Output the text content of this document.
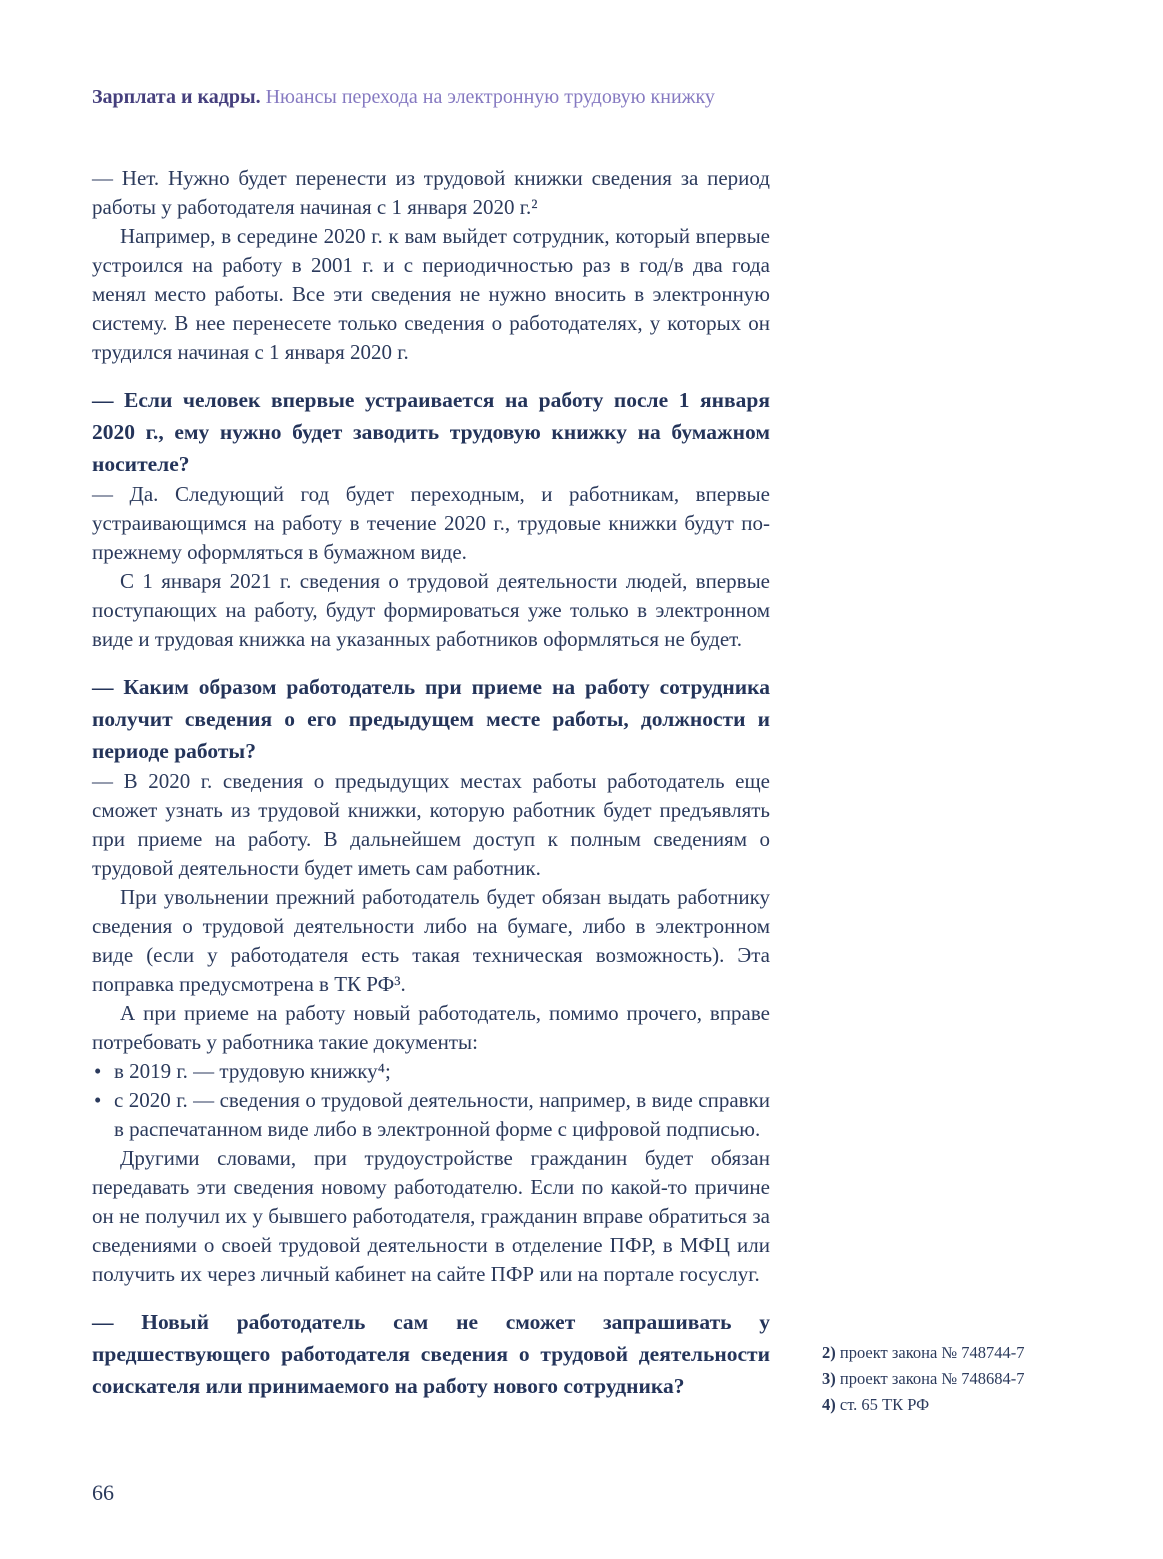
Зарплата и кадры. Нюансы перехода на электронную трудовую книжку

— Нет. Нужно будет перенести из трудовой книжки сведения за период работы у работодателя начиная с 1 января 2020 г.²

Например, в середине 2020 г. к вам выйдет сотрудник, который впервые устроился на работу в 2001 г. и с периодичностью раз в год/в два года менял место работы. Все эти сведения не нужно вносить в электронную систему. В нее перенесете только сведения о работодателях, у которых он трудился начиная с 1 января 2020 г.

— Если человек впервые устраивается на работу после 1 января 2020 г., ему нужно будет заводить трудовую книжку на бумажном носителе?

— Да. Следующий год будет переходным, и работникам, впервые устраивающимся на работу в течение 2020 г., трудовые книжки будут по-прежнему оформляться в бумажном виде.

С 1 января 2021 г. сведения о трудовой деятельности людей, впервые поступающих на работу, будут формироваться уже только в электронном виде и трудовая книжка на указанных работников оформляться не будет.

— Каким образом работодатель при приеме на работу сотрудника получит сведения о его предыдущем месте работы, должности и периоде работы?

— В 2020 г. сведения о предыдущих местах работы работодатель еще сможет узнать из трудовой книжки, которую работник будет предъявлять при приеме на работу. В дальнейшем доступ к полным сведениям о трудовой деятельности будет иметь сам работник.

При увольнении прежний работодатель будет обязан выдать работнику сведения о трудовой деятельности либо на бумаге, либо в электронном виде (если у работодателя есть такая техническая возможность). Эта поправка предусмотрена в ТК РФ³.

А при приеме на работу новый работодатель, помимо прочего, вправе потребовать у работника такие документы:

• в 2019 г. — трудовую книжку⁴;

• с 2020 г. — сведения о трудовой деятельности, например, в виде справки в распечатанном виде либо в электронной форме с цифровой подписью.

Другими словами, при трудоустройстве гражданин будет обязан передавать эти сведения новому работодателю. Если по какой-то причине он не получил их у бывшего работодателя, гражданин вправе обратиться за сведениями о своей трудовой деятельности в отделение ПФР, в МФЦ или получить их через личный кабинет на сайте ПФР или на портале госуслуг.

— Новый работодатель сам не сможет запрашивать у предшествующего работодателя сведения о трудовой деятельности соискателя или принимаемого на работу нового сотрудника?

2) проект закона № 748744-7

3) проект закона № 748684-7

4) ст. 65 ТК РФ

66
